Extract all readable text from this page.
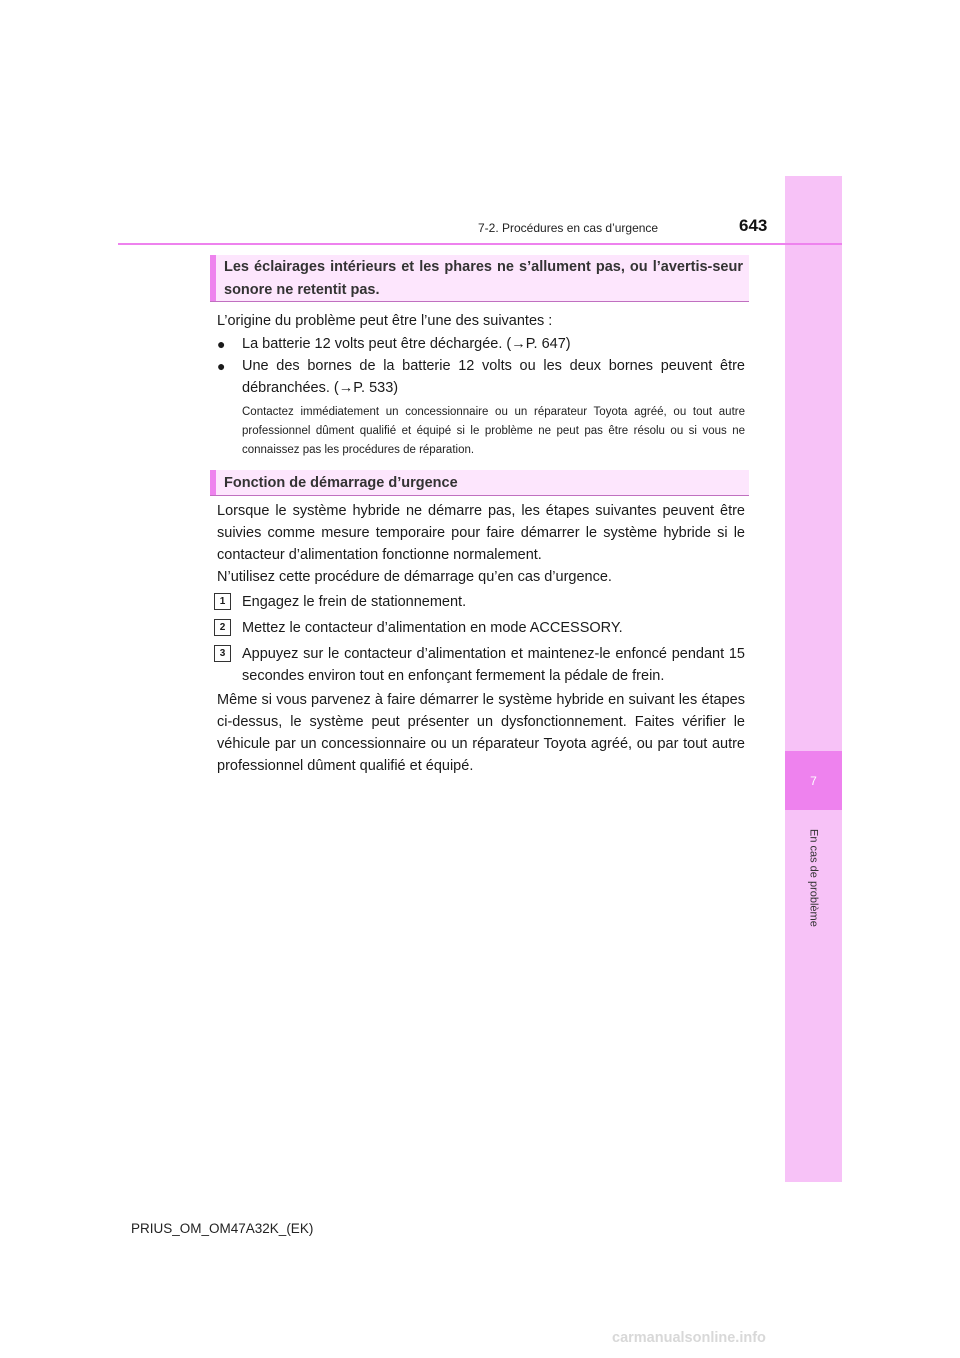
7
En cas de problème
7-2. Procédures en cas d’urgence	643
Les éclairages intérieurs et les phares ne s’allument pas, ou l’avertis-seur sonore ne retentit pas.
L’origine du problème peut être l’une des suivantes :
● La batterie 12 volts peut être déchargée. (→P. 647)
● Une des bornes de la batterie 12 volts ou les deux bornes peuvent être débranchées. (→P. 533)
Contactez immédiatement un concessionnaire ou un réparateur Toyota agréé, ou tout autre professionnel dûment qualifié et équipé si le problème ne peut pas être résolu ou si vous ne connaissez pas les procédures de réparation.
Fonction de démarrage d’urgence
Lorsque le système hybride ne démarre pas, les étapes suivantes peuvent être suivies comme mesure temporaire pour faire démarrer le système hybride si le contacteur d’alimentation fonctionne normalement.
N’utilisez cette procédure de démarrage qu’en cas d’urgence.
1	Engagez le frein de stationnement.
2	Mettez le contacteur d’alimentation en mode ACCESSORY.
3	Appuyez sur le contacteur d’alimentation et maintenez-le enfoncé pendant 15 secondes environ tout en enfonçant fermement la pédale de frein.
Même si vous parvenez à faire démarrer le système hybride en suivant les étapes ci-dessus, le système peut présenter un dysfonctionnement. Faites vérifier le véhicule par un concessionnaire ou un réparateur Toyota agréé, ou par tout autre professionnel dûment qualifié et équipé.
PRIUS_OM_OM47A32K_(EK)
carmanualsonline.info
